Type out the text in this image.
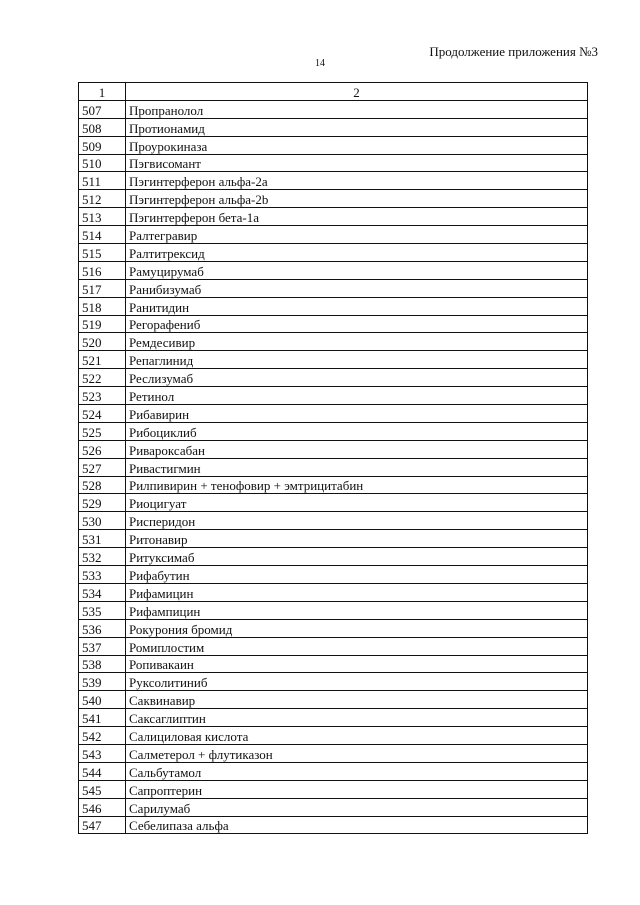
Продолжение приложения №3
14
1	2
507	Пропранолол
508	Протионамид
509	Проурокиназа
510	Пэгвисомант
511	Пэгинтерферон альфа-2а
512	Пэгинтерферон альфа-2b
513	Пэгинтерферон бета-1а
514	Ралтегравир
515	Ралтитрексид
516	Рамуцирумаб
517	Ранибизумаб
518	Ранитидин
519	Регорафениб
520	Ремдесивир
521	Репаглинид
522	Реслизумаб
523	Ретинол
524	Рибавирин
525	Рибоциклиб
526	Ривароксабан
527	Ривастигмин
528	Рилпивирин + тенофовир + эмтрицитабин
529	Риоцигуат
530	Рисперидон
531	Ритонавир
532	Ритуксимаб
533	Рифабутин
534	Рифамицин
535	Рифампицин
536	Рокурония бромид
537	Ромиплостим
538	Ропивакаин
539	Руксолитиниб
540	Саквинавир
541	Саксаглиптин
542	Салициловая кислота
543	Салметерол + флутиказон
544	Сальбутамол
545	Сапроптерин
546	Сарилумаб
547	Себелипаза альфа
